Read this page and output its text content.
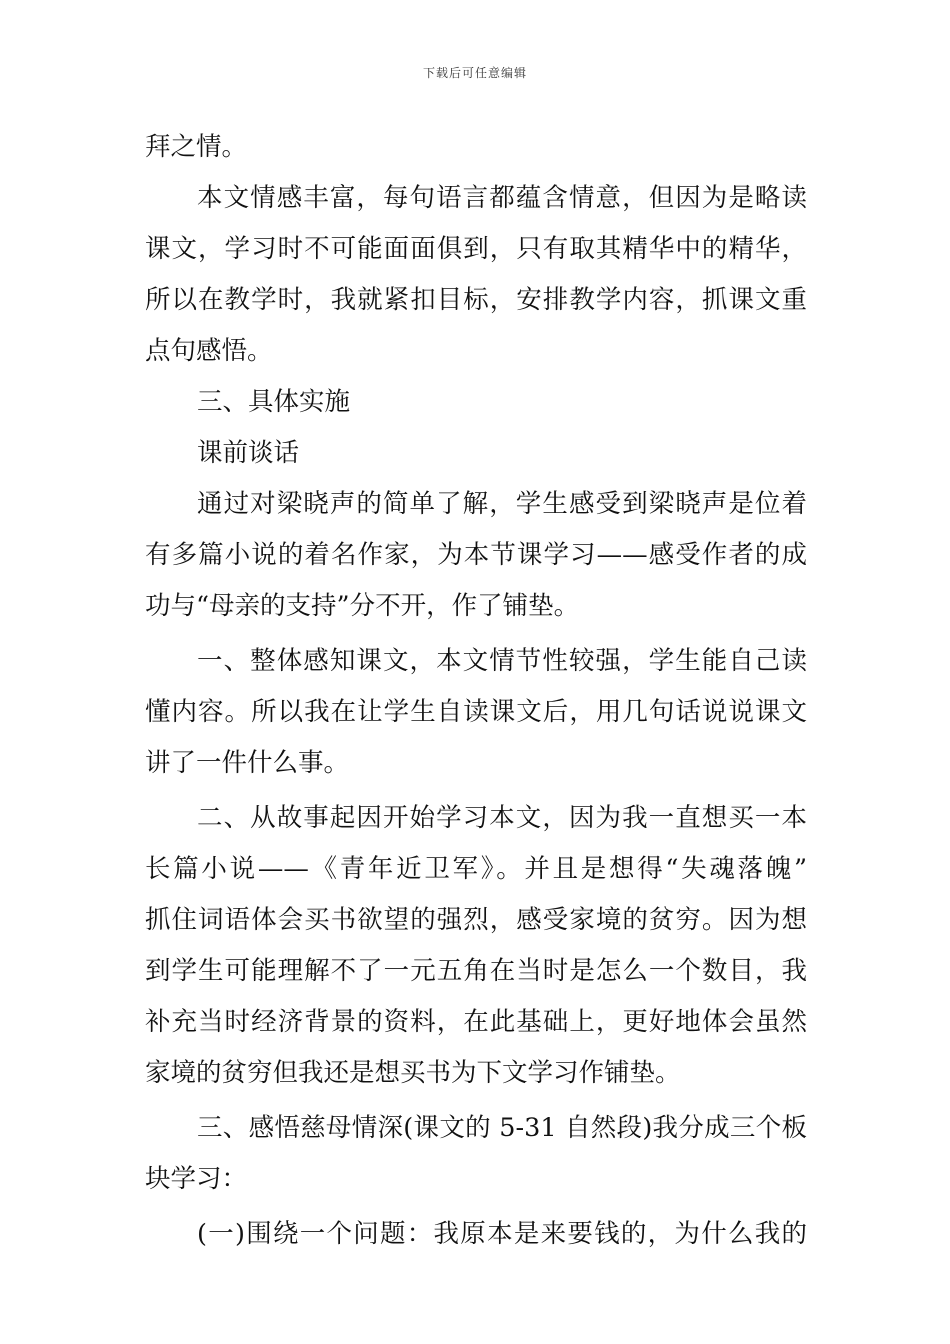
下载后可任意编辑
拜之情。
本文情感丰富，每句语言都蕴含情意，但因为是略读
课文，学习时不可能面面俱到，只有取其精华中的精华，
所以在教学时，我就紧扣目标，安排教学内容，抓课文重
点句感悟。
三、具体实施
课前谈话
通过对梁晓声的简单了解，学生感受到梁晓声是位着
有多篇小说的着名作家，为本节课学习——感受作者的成
功与“母亲的支持”分不开，作了铺垫。
一、整体感知课文，本文情节性较强，学生能自己读
懂内容。所以我在让学生自读课文后，用几句话说说课文
讲了一件什么事。
二、从故事起因开始学习本文，因为我一直想买一本
长篇小说——《青年近卫军》。并且是想得“失魂落魄”
抓住词语体会买书欲望的强烈，感受家境的贫穷。因为想
到学生可能理解不了一元五角在当时是怎么一个数目，我
补充当时经济背景的资料，在此基础上，更好地体会虽然
家境的贫穷但我还是想买书为下文学习作铺垫。
三、感悟慈母情深(课文的 5-31 自然段)我分成三个板
块学习：
(一)围绕一个问题：我原本是来要钱的，为什么我的
